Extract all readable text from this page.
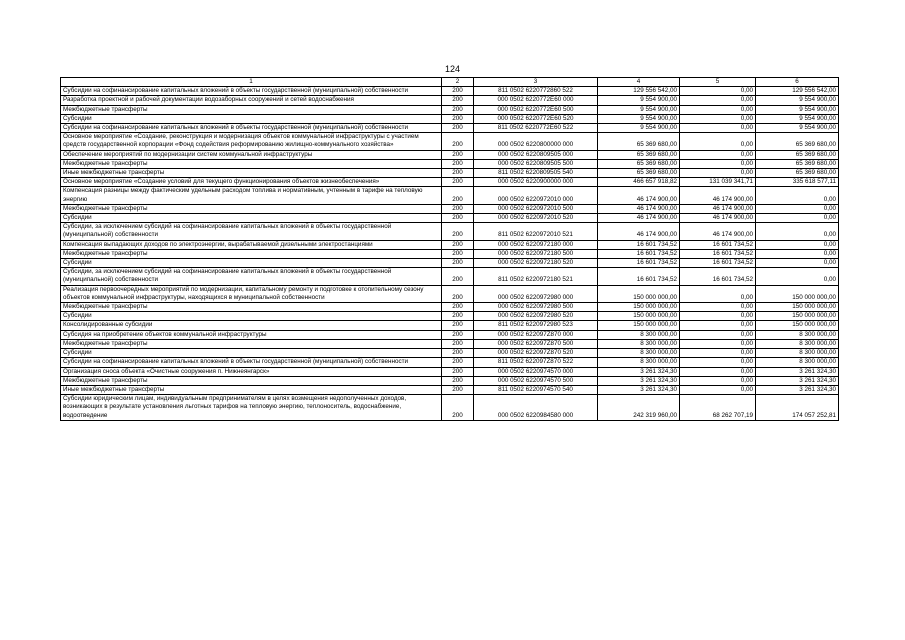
124
1	2	3	4	5	6
Субсидии на софинансирование капитальных вложений в объекты государственной (муниципальной) собственности	200	811 0502 6220772860 522	129 556 542,00	0,00	129 556 542,00
Разработка проектной и рабочей документации водозаборных сооружений и сетей водоснабжения	200	000 0502 6220772E60 000	9 554 900,00	0,00	9 554 900,00
Межбюджетные трансферты	200	000 0502 6220772E60 500	9 554 900,00	0,00	9 554 900,00
Субсидии	200	000 0502 6220772E60 520	9 554 900,00	0,00	9 554 900,00
Субсидии на софинансирование капитальных вложений в объекты государственной (муниципальной) собственности	200	811 0502 6220772E60 522	9 554 900,00	0,00	9 554 900,00
Основное мероприятие «Создание, реконструкция и модернизация объектов коммунальной инфраструктуры с участием средств государственной корпорации «Фонд содействия реформированию жилищно-коммунального хозяйства»	200	000 0502 6220800000 000	65 369 680,00	0,00	65 369 680,00
Обеспечение мероприятий по модернизации систем коммунальной инфраструктуры	200	000 0502 6220809505 000	65 369 680,00	0,00	65 369 680,00
Межбюджетные трансферты	200	000 0502 6220809505 500	65 369 680,00	0,00	65 369 680,00
Иные межбюджетные трансферты	200	811 0502 6220809505 540	65 369 680,00	0,00	65 369 680,00
Основное мероприятие «Создание условий для текущего функционирования объектов жизнеобеспечения»	200	000 0502 6220900000 000	466 657 918,82	131 039 341,71	335 618 577,11
Компенсация разницы между фактическим удельным расходом топлива и нормативным, учтенным в тарифе на тепловую энергию	200	000 0502 6220972010 000	46 174 900,00	46 174 900,00	0,00
Межбюджетные трансферты	200	000 0502 6220972010 500	46 174 900,00	46 174 900,00	0,00
Субсидии	200	000 0502 6220972010 520	46 174 900,00	46 174 900,00	0,00
Субсидии, за исключением субсидий на софинансирование капитальных вложений в объекты государственной (муниципальной) собственности	200	811 0502 6220972010 521	46 174 900,00	46 174 900,00	0,00
Компенсация выпадающих доходов по электроэнергии, вырабатываемой дизельными электростанциями	200	000 0502 6220972180 000	16 601 734,52	16 601 734,52	0,00
Межбюджетные трансферты	200	000 0502 6220972180 500	16 601 734,52	16 601 734,52	0,00
Субсидии	200	000 0502 6220972180 520	16 601 734,52	16 601 734,52	0,00
Субсидии, за исключением субсидий на софинансирование капитальных вложений в объекты государственной (муниципальной) собственности	200	811 0502 6220972180 521	16 601 734,52	16 601 734,52	0,00
Реализация первоочередных мероприятий по модернизации, капитальному ремонту и подготовке к отопительному сезону объектов коммунальной инфраструктуры, находящихся в муниципальной собственности	200	000 0502 6220972980 000	150 000 000,00	0,00	150 000 000,00
Межбюджетные трансферты	200	000 0502 6220972980 500	150 000 000,00	0,00	150 000 000,00
Субсидии	200	000 0502 6220972980 520	150 000 000,00	0,00	150 000 000,00
Консолидированные субсидии	200	811 0502 6220972980 523	150 000 000,00	0,00	150 000 000,00
Субсидия на приобретение объектов коммунальной инфраструктуры	200	000 0502 622097Z870 000	8 300 000,00	0,00	8 300 000,00
Межбюджетные трансферты	200	000 0502 622097Z870 500	8 300 000,00	0,00	8 300 000,00
Субсидии	200	000 0502 622097Z870 520	8 300 000,00	0,00	8 300 000,00
Субсидии на софинансирование капитальных вложений в объекты государственной (муниципальной) собственности	200	811 0502 622097Z870 522	8 300 000,00	0,00	8 300 000,00
Организация сноса объекта «Очистные сооружения п. Нижнеянгарск»	200	000 0502 6220974570 000	3 261 324,30	0,00	3 261 324,30
Межбюджетные трансферты	200	000 0502 6220974570 500	3 261 324,30	0,00	3 261 324,30
Иные межбюджетные трансферты	200	811 0502 6220974570 540	3 261 324,30	0,00	3 261 324,30
Субсидии юридическим лицам, индивидуальным предпринимателям в целях возмещения недополученных доходов, возникающих в результате установления льготных тарифов на тепловую энергию, теплоноситель, водоснабжение, водоотведение	200	000 0502 6220984580 000	242 319 960,00	68 262 707,19	174 057 252,81
